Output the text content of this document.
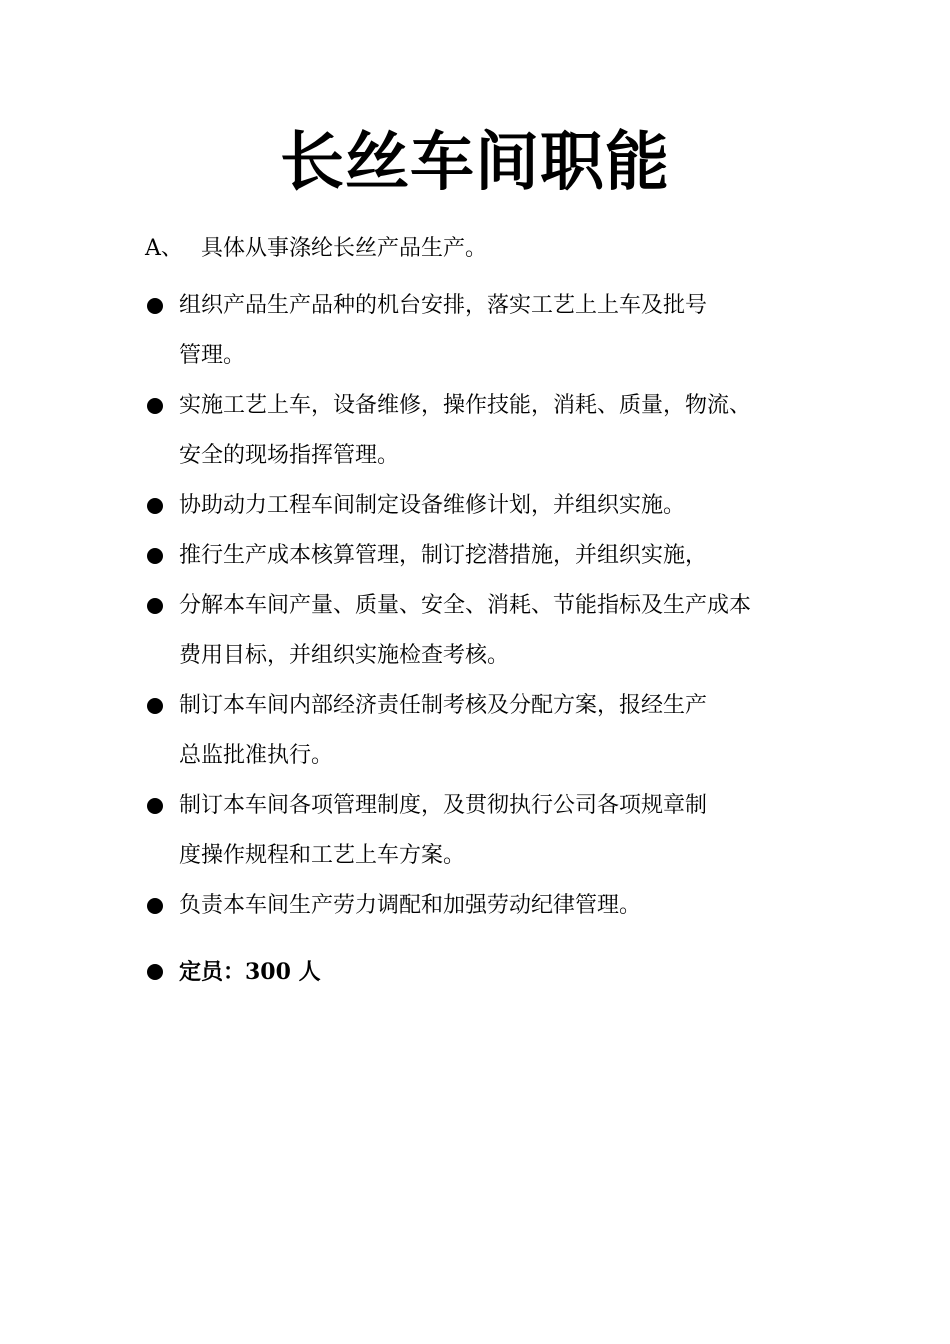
长丝车间职能
A、 具体从事涤纶长丝产品生产。
组织产品生产品种的机台安排，落实工艺上上车及批号
管理。
实施工艺上车，设备维修，操作技能，消耗、质量，物流、
安全的现场指挥管理。
协助动力工程车间制定设备维修计划，并组织实施。
推行生产成本核算管理，制订挖潜措施，并组织实施，
分解本车间产量、质量、安全、消耗、节能指标及生产成本
费用目标，并组织实施检查考核。
制订本车间内部经济责任制考核及分配方案，报经生产
总监批准执行。
制订本车间各项管理制度，及贯彻执行公司各项规章制
度操作规程和工艺上车方案。
负责本车间生产劳力调配和加强劳动纪律管理。
定员：300 人
